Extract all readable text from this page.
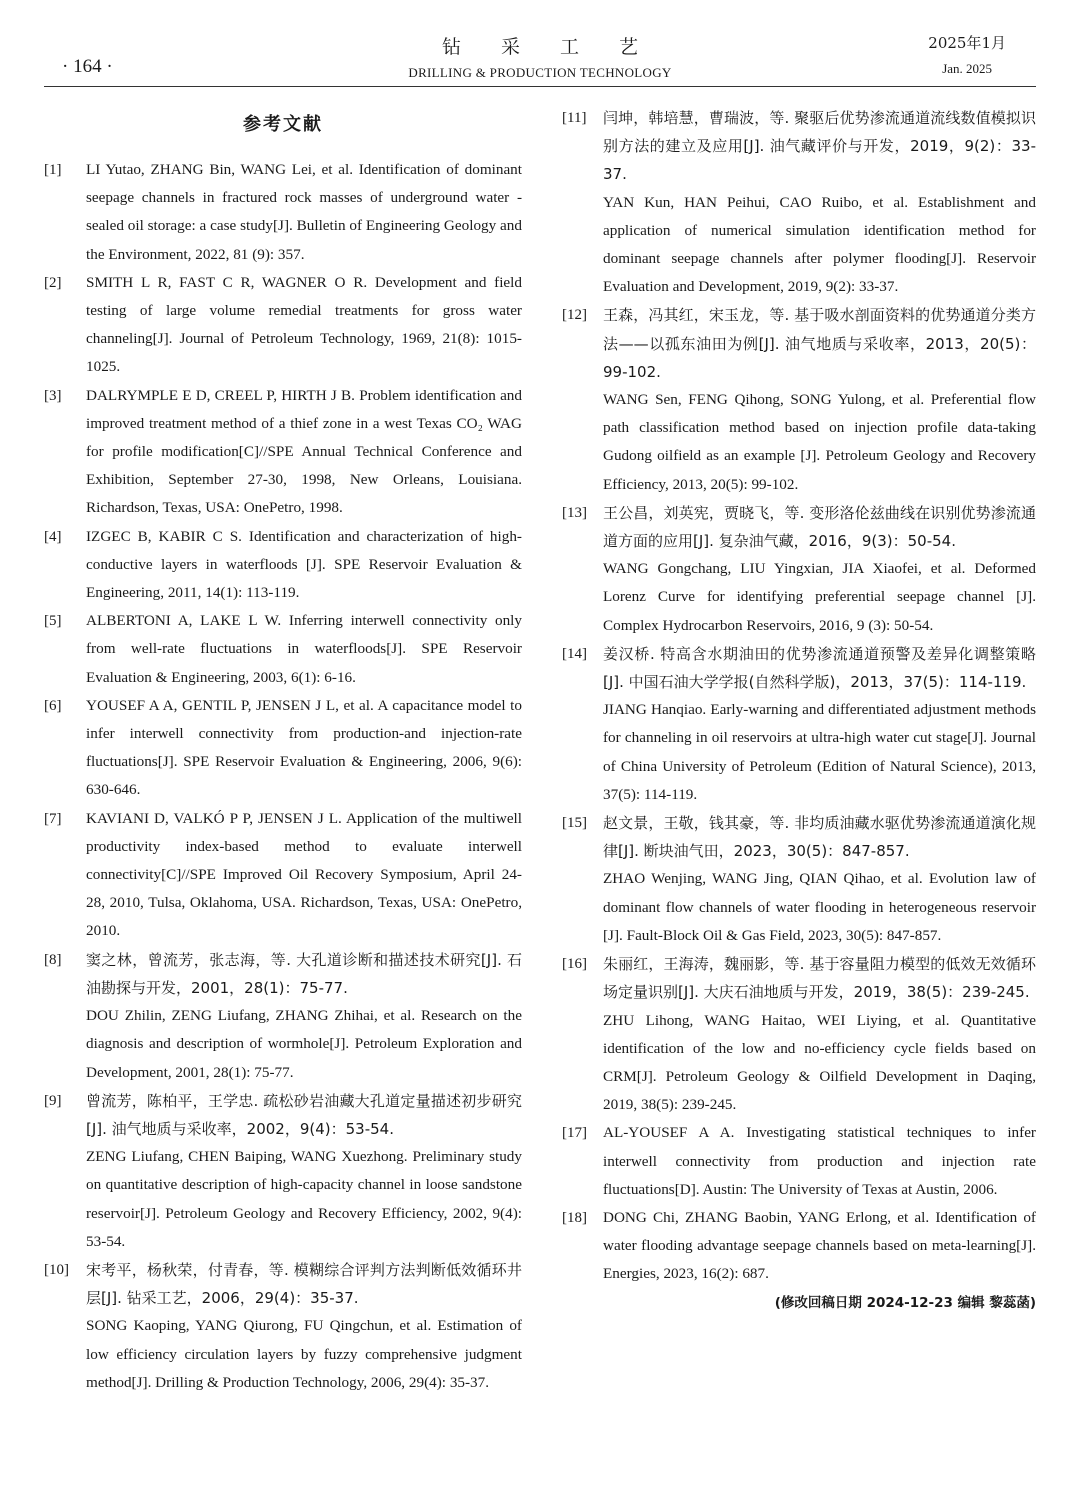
· 164 ·
钻采工艺
DRILLING & PRODUCTION TECHNOLOGY
2025年1月
Jan. 2025
参考文献
[1]	LI Yutao, ZHANG Bin, WANG Lei, et al. Identification of dominant seepage channels in fractured rock masses of underground water - sealed oil storage: a case study[J]. Bulletin of Engineering Geology and the Environment, 2022, 81 (9): 357.
[2]	SMITH L R, FAST C R, WAGNER O R. Development and field testing of large volume remedial treatments for gross water channeling[J]. Journal of Petroleum Technology, 1969, 21(8): 1015-1025.
[3]	DALRYMPLE E D, CREEL P, HIRTH J B. Problem identification and improved treatment method of a thief zone in a west Texas CO₂ WAG for profile modification[C]//SPE Annual Technical Conference and Exhibition, September 27-30, 1998, New Orleans, Louisiana. Richardson, Texas, USA: OnePetro, 1998.
[4]	IZGEC B, KABIR C S. Identification and characterization of high-conductive layers in waterfloods [J]. SPE Reservoir Evaluation & Engineering, 2011, 14(1): 113-119.
[5]	ALBERTONI A, LAKE L W. Inferring interwell connectivity only from well-rate fluctuations in waterfloods[J]. SPE Reservoir Evaluation & Engineering, 2003, 6(1): 6-16.
[6]	YOUSEF A A, GENTIL P, JENSEN J L, et al. A capacitance model to infer interwell connectivity from production-and injection-rate fluctuations[J]. SPE Reservoir Evaluation & Engineering, 2006, 9(6): 630-646.
[7]	KAVIANI D, VALKÓ P P, JENSEN J L. Application of the multiwell productivity index-based method to evaluate interwell connectivity[C]//SPE Improved Oil Recovery Symposium, April 24-28, 2010, Tulsa, Oklahoma, USA. Richardson, Texas, USA: OnePetro, 2010.
[8]	窦之林，曾流芳，张志海，等. 大孔道诊断和描述技术研究[J]. 石油勘探与开发，2001，28(1)：75-77.
DOU Zhilin, ZENG Liufang, ZHANG Zhihai, et al. Research on the diagnosis and description of wormhole[J]. Petroleum Exploration and Development, 2001, 28(1): 75-77.
[9]	曾流芳，陈柏平，王学忠. 疏松砂岩油藏大孔道定量描述初步研究[J]. 油气地质与采收率，2002，9(4)：53-54.
ZENG Liufang, CHEN Baiping, WANG Xuezhong. Preliminary study on quantitative description of high-capacity channel in loose sandstone reservoir[J]. Petroleum Geology and Recovery Efficiency, 2002, 9(4): 53-54.
[10]	宋考平，杨秋荣，付青春，等. 模糊综合评判方法判断低效循环井层[J]. 钻采工艺，2006，29(4)：35-37.
SONG Kaoping, YANG Qiurong, FU Qingchun, et al. Estimation of low efficiency circulation layers by fuzzy comprehensive judgment method[J]. Drilling & Production Technology, 2006, 29(4): 35-37.
[11]	闫坤，韩培慧，曹瑞波，等. 聚驱后优势渗流通道流线数值模拟识别方法的建立及应用[J]. 油气藏评价与开发，2019，9(2)：33-37.
YAN Kun, HAN Peihui, CAO Ruibo, et al. Establishment and application of numerical simulation identification method for dominant seepage channels after polymer flooding[J]. Reservoir Evaluation and Development, 2019, 9(2): 33-37.
[12]	王森，冯其红，宋玉龙，等. 基于吸水剖面资料的优势通道分类方法——以孤东油田为例[J]. 油气地质与采收率，2013，20(5)：99-102.
WANG Sen, FENG Qihong, SONG Yulong, et al. Preferential flow path classification method based on injection profile data-taking Gudong oilfield as an example [J]. Petroleum Geology and Recovery Efficiency, 2013, 20(5): 99-102.
[13]	王公昌，刘英宪，贾晓飞，等. 变形洛伦兹曲线在识别优势渗流通道方面的应用[J]. 复杂油气藏，2016，9(3)：50-54.
WANG Gongchang, LIU Yingxian, JIA Xiaofei, et al. Deformed Lorenz Curve for identifying preferential seepage channel [J]. Complex Hydrocarbon Reservoirs, 2016, 9 (3): 50-54.
[14]	姜汉桥. 特高含水期油田的优势渗流通道预警及差异化调整策略[J]. 中国石油大学学报(自然科学版)，2013，37(5)：114-119.
JIANG Hanqiao. Early-warning and differentiated adjustment methods for channeling in oil reservoirs at ultra-high water cut stage[J]. Journal of China University of Petroleum (Edition of Natural Science), 2013, 37(5): 114-119.
[15]	赵文景，王敬，钱其豪，等. 非均质油藏水驱优势渗流通道演化规律[J]. 断块油气田，2023，30(5)：847-857.
ZHAO Wenjing, WANG Jing, QIAN Qihao, et al. Evolution law of dominant flow channels of water flooding in heterogeneous reservoir [J]. Fault-Block Oil & Gas Field, 2023, 30(5): 847-857.
[16]	朱丽红，王海涛，魏丽影，等. 基于容量阻力模型的低效无效循环场定量识别[J]. 大庆石油地质与开发，2019，38(5)：239-245.
ZHU Lihong, WANG Haitao, WEI Liying, et al. Quantitative identification of the low and no-efficiency cycle fields based on CRM[J]. Petroleum Geology & Oilfield Development in Daqing, 2019, 38(5): 239-245.
[17]	AL-YOUSEF A A. Investigating statistical techniques to infer interwell connectivity from production and injection rate fluctuations[D]. Austin: The University of Texas at Austin, 2006.
[18]	DONG Chi, ZHANG Baobin, YANG Erlong, et al. Identification of water flooding advantage seepage channels based on meta-learning[J]. Energies, 2023, 16(2): 687.
(修改回稿日期 2024-12-23 编辑 黎蕊菡)
